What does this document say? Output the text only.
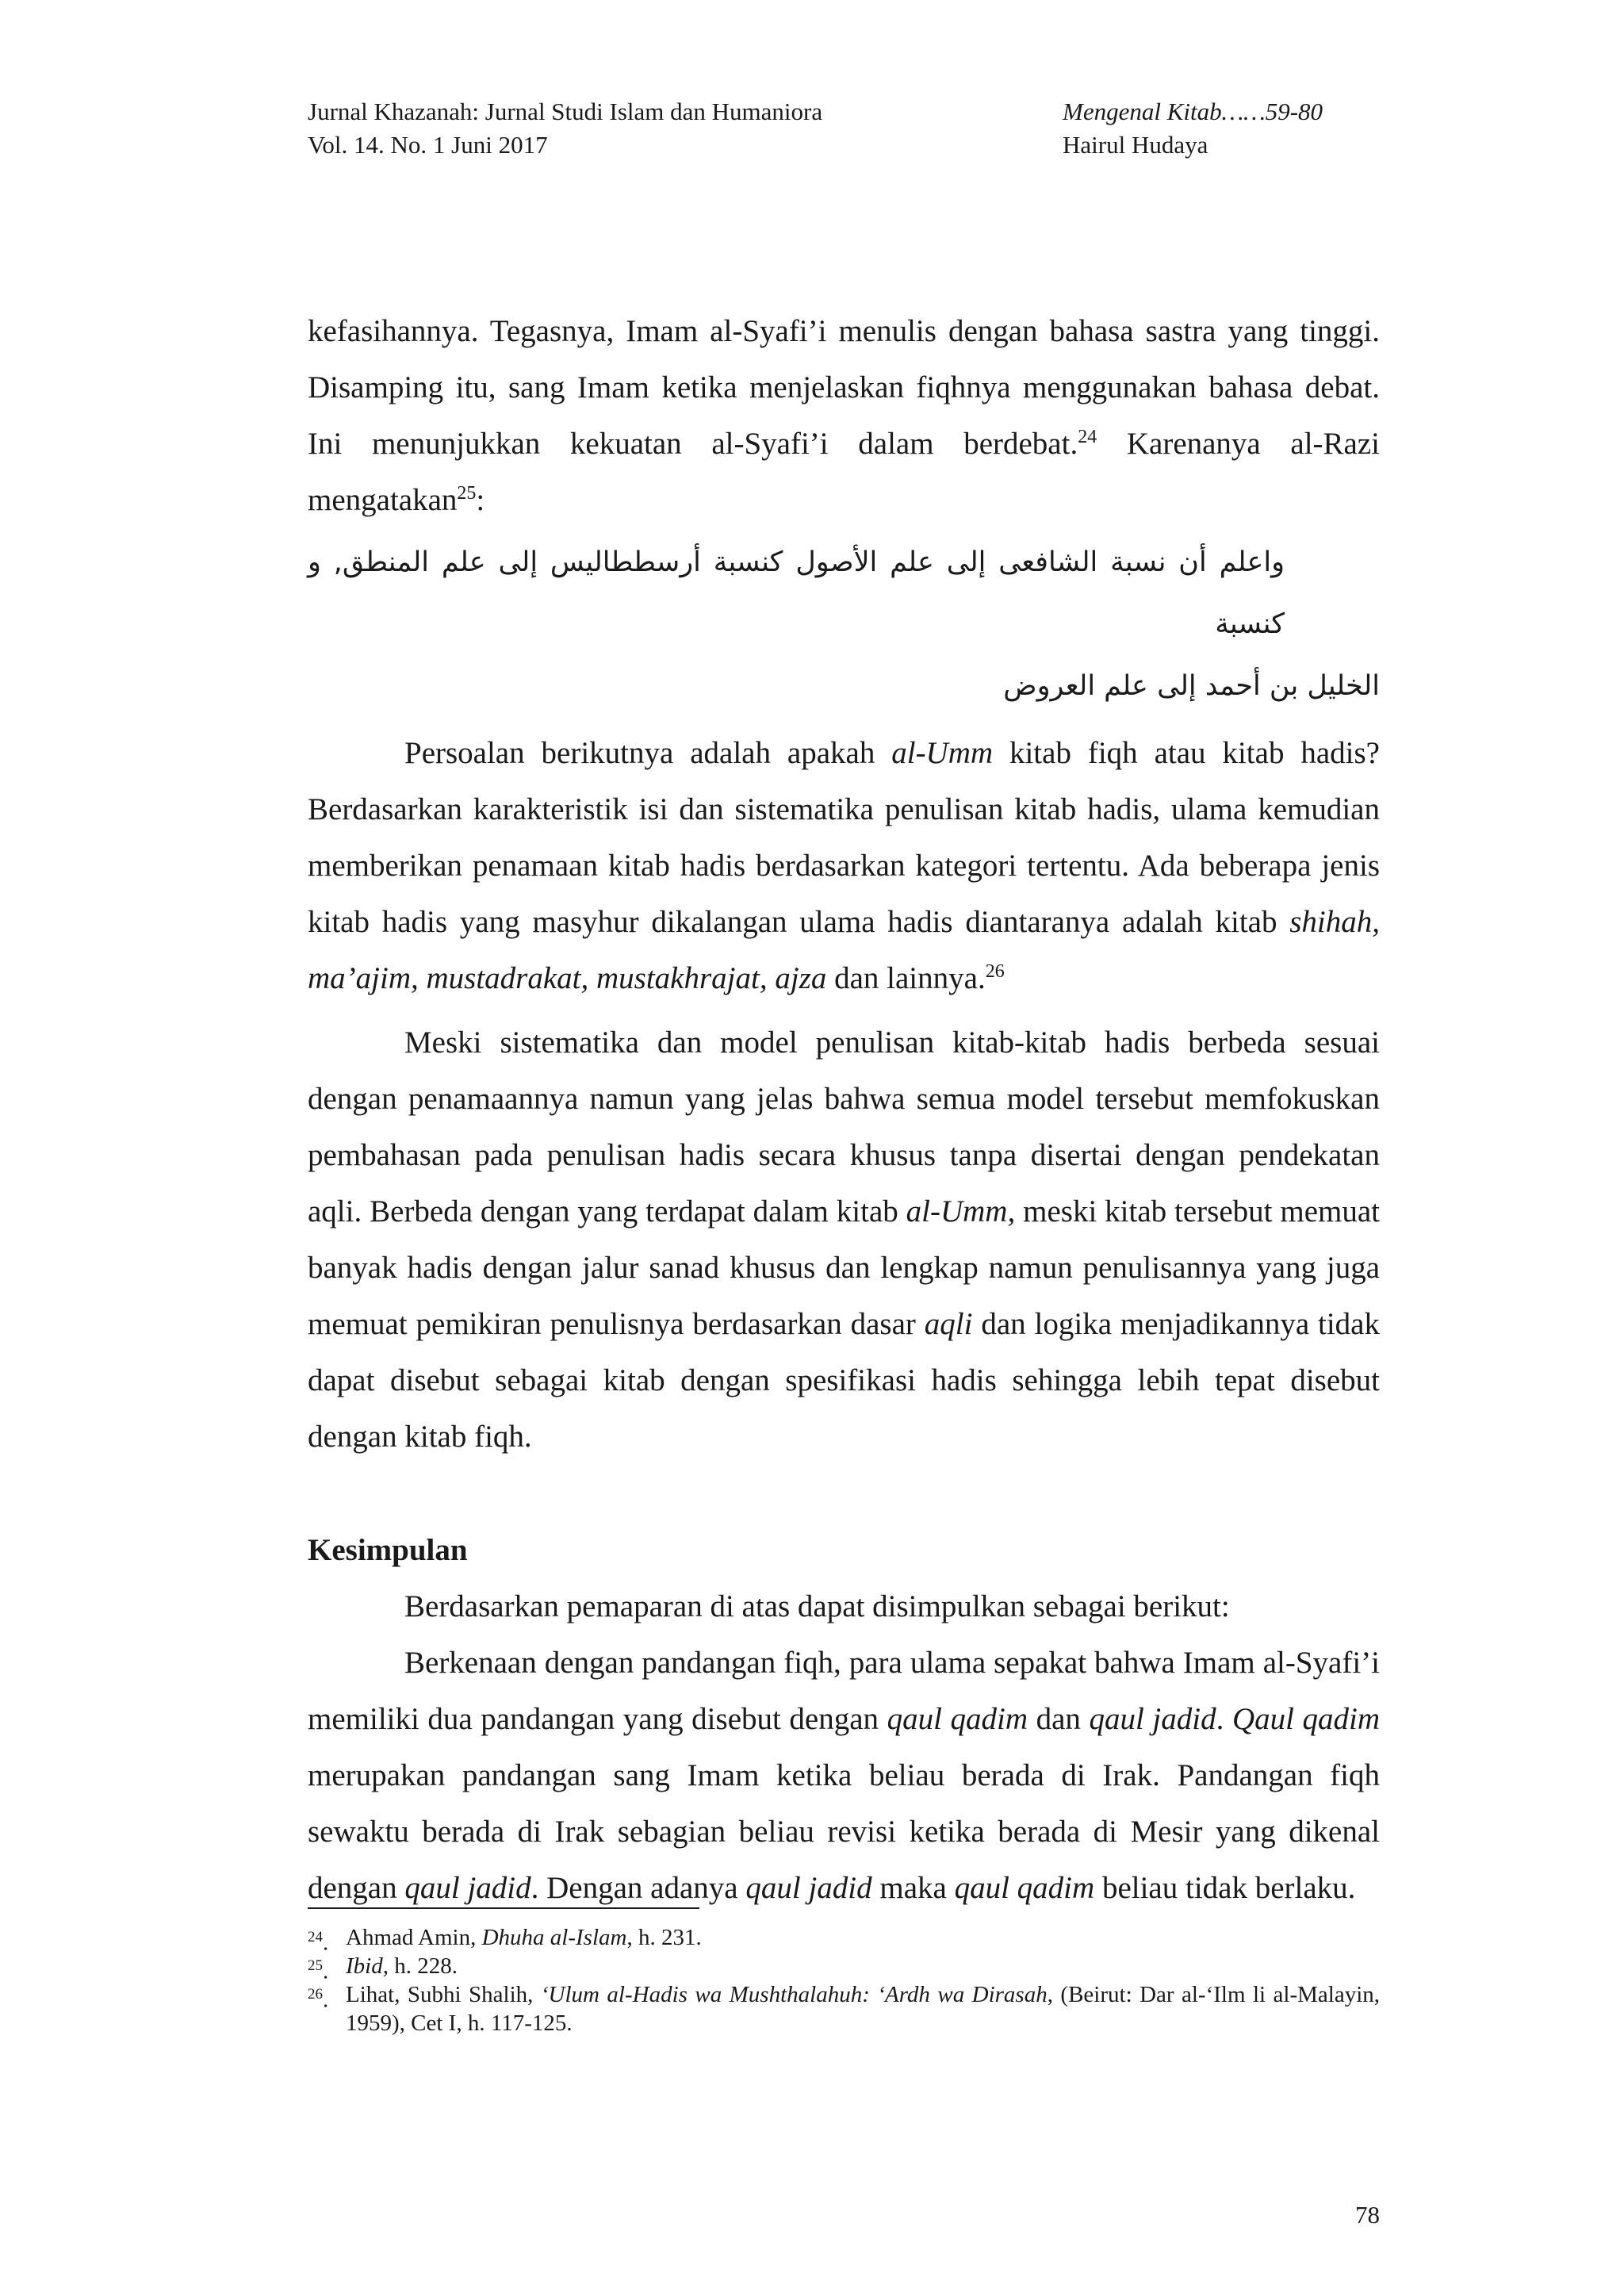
Jurnal Khazanah: Jurnal Studi Islam dan Humaniora
Vol. 14. No. 1 Juni 2017
Mengenal Kitab……59-80
Hairul Hudaya

kefasihannya. Tegasnya, Imam al-Syafi’i menulis dengan bahasa sastra yang tinggi. Disamping itu, sang Imam ketika menjelaskan fiqhnya menggunakan bahasa debat. Ini menunjukkan kekuatan al-Syafi’i dalam berdebat.$^{24}$ Karenanya al-Razi mengatakan$^{25}$:

واعلم أن نسبة الشافعى إلى علم الأصول كنسبة أرسططاليس إلى علم المنطق, و كنسبة
الخليل بن أحمد إلى علم العروض

Persoalan berikutnya adalah apakah al-Umm kitab fiqh atau kitab hadis? Berdasarkan karakteristik isi dan sistematika penulisan kitab hadis, ulama kemudian memberikan penamaan kitab hadis berdasarkan kategori tertentu. Ada beberapa jenis kitab hadis yang masyhur dikalangan ulama hadis diantaranya adalah kitab shihah, ma’ajim, mustadrakat, mustakhrajat, ajza dan lainnya.$^{26}$

Meski sistematika dan model penulisan kitab-kitab hadis berbeda sesuai dengan penamaannya namun yang jelas bahwa semua model tersebut memfokuskan pembahasan pada penulisan hadis secara khusus tanpa disertai dengan pendekatan aqli. Berbeda dengan yang terdapat dalam kitab al-Umm, meski kitab tersebut memuat banyak hadis dengan jalur sanad khusus dan lengkap namun penulisannya yang juga memuat pemikiran penulisnya berdasarkan dasar aqli dan logika menjadikannya tidak dapat disebut sebagai kitab dengan spesifikasi hadis sehingga lebih tepat disebut dengan kitab fiqh.

Kesimpulan

Berdasarkan pemaparan di atas dapat disimpulkan sebagai berikut:

Berkenaan dengan pandangan fiqh, para ulama sepakat bahwa Imam al-Syafi’i memiliki dua pandangan yang disebut dengan qaul qadim dan qaul jadid. Qaul qadim merupakan pandangan sang Imam ketika beliau berada di Irak. Pandangan fiqh sewaktu berada di Irak sebagian beliau revisi ketika berada di Mesir yang dikenal dengan qaul jadid. Dengan adanya qaul jadid maka qaul qadim beliau tidak berlaku.

$^{24}$. Ahmad Amin, Dhuha al-Islam, h. 231.
$^{25}$. Ibid, h. 228.
$^{26}$. Lihat, Subhi Shalih, ‘Ulum al-Hadis wa Mushthalahuh: ‘Ardh wa Dirasah, (Beirut: Dar al-‘Ilm li al-Malayin, 1959), Cet I, h. 117-125.
78
